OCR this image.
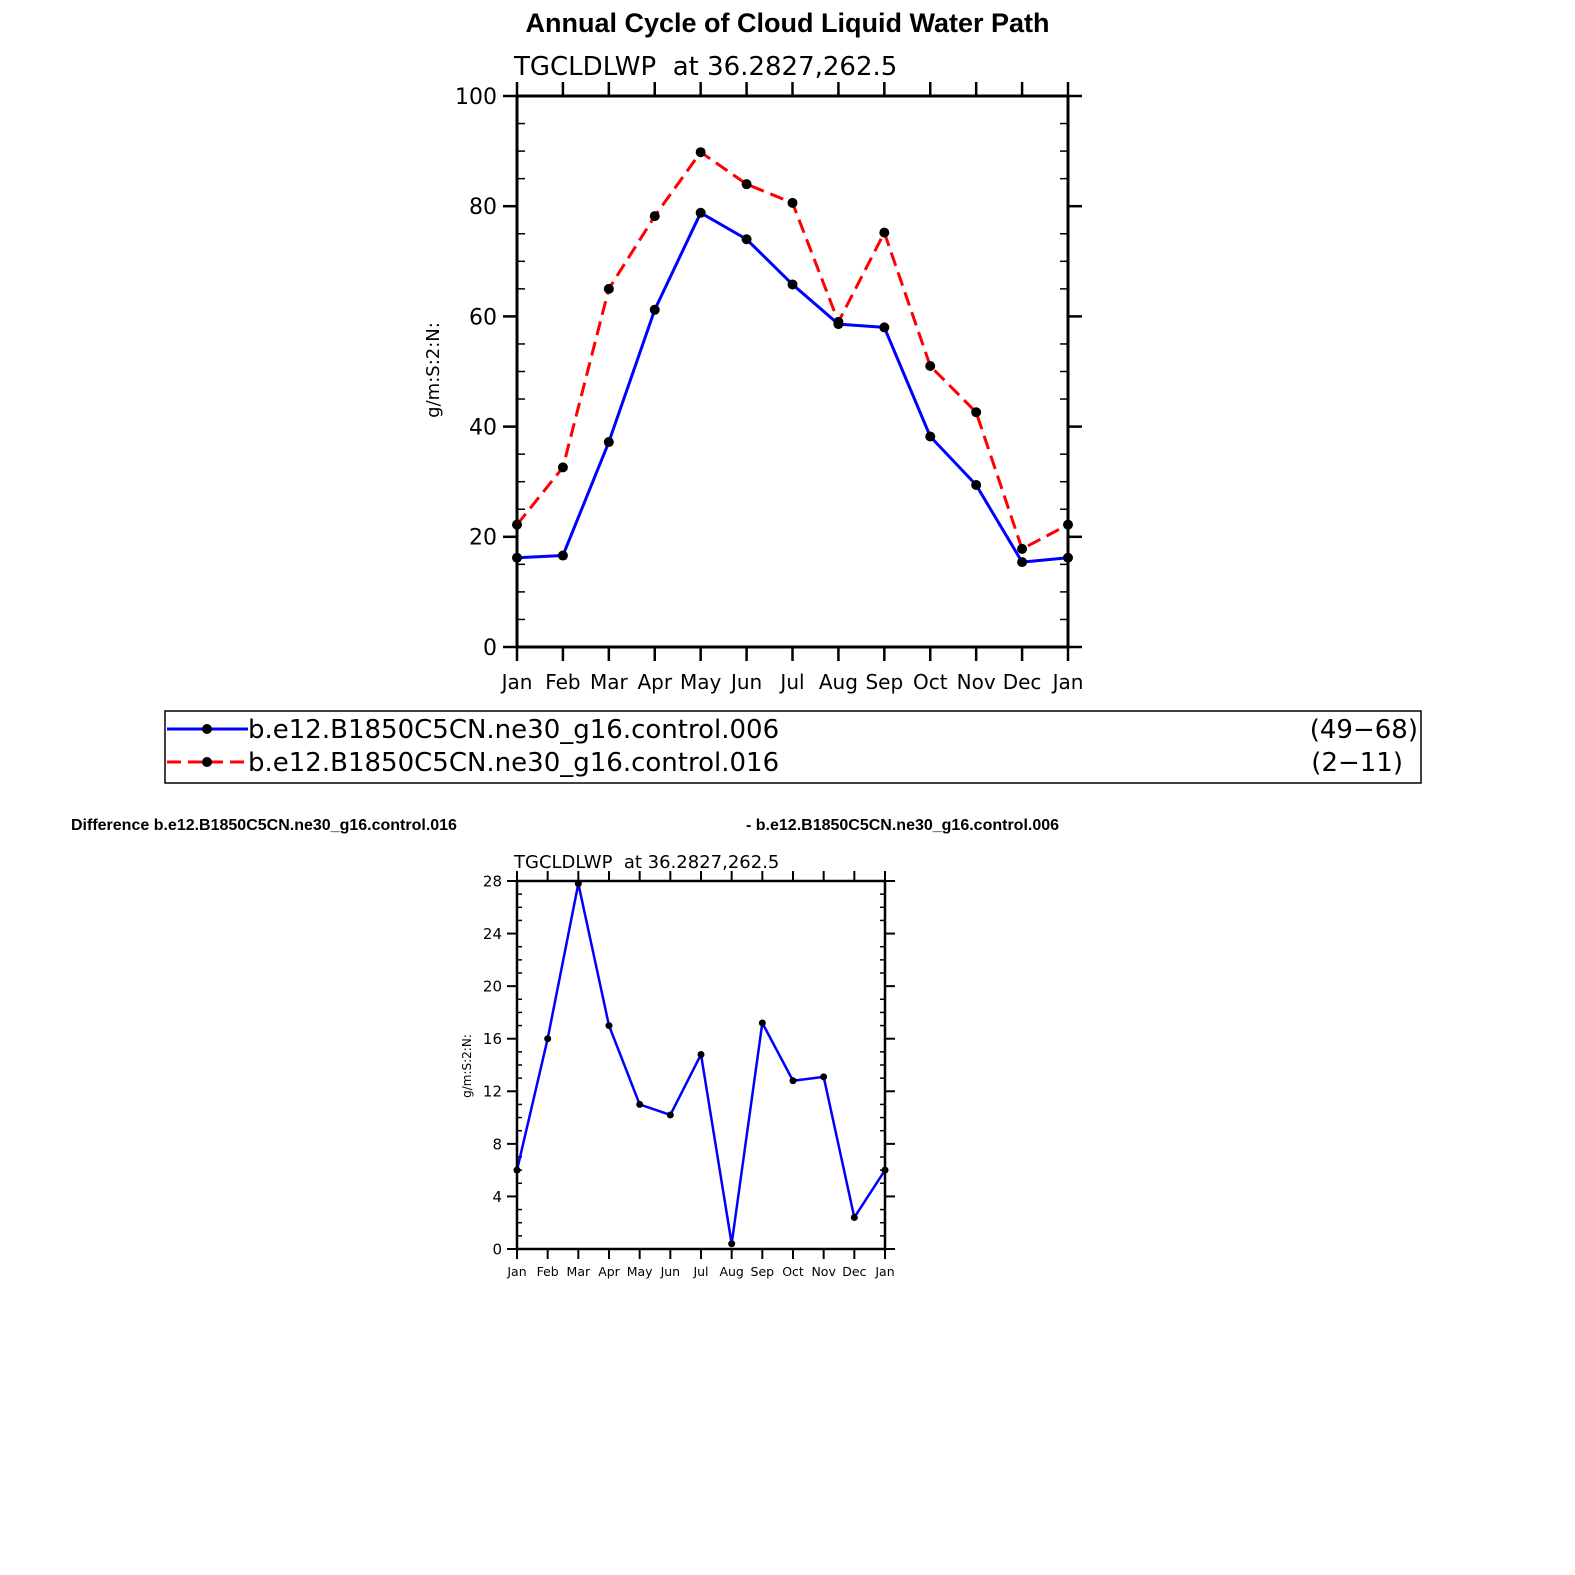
Annual Cycle of Cloud Liquid Water Path
TGCLDLWP  at 36.2827,262.5
g/m:S:2:N:
Jan Feb Mar Apr May Jun Jul Aug Sep Oct Nov Dec Jan
0
20
40
60
80
100
b.e12.B1850C5CN.ne30_g16.control.006	(49−68)
b.e12.B1850C5CN.ne30_g16.control.016	(2−11)
TGCLDLWP  at 36.2827,262.5
g/m:S:2:N:
Jan Feb Mar Apr May Jun Jul Aug Sep Oct Nov Dec Jan
0
4
8
12
16
20
24
28
Difference b.e12.B1850C5CN.ne30_g16.control.016	- b.e12.B1850C5CN.ne30_g16.control.006
